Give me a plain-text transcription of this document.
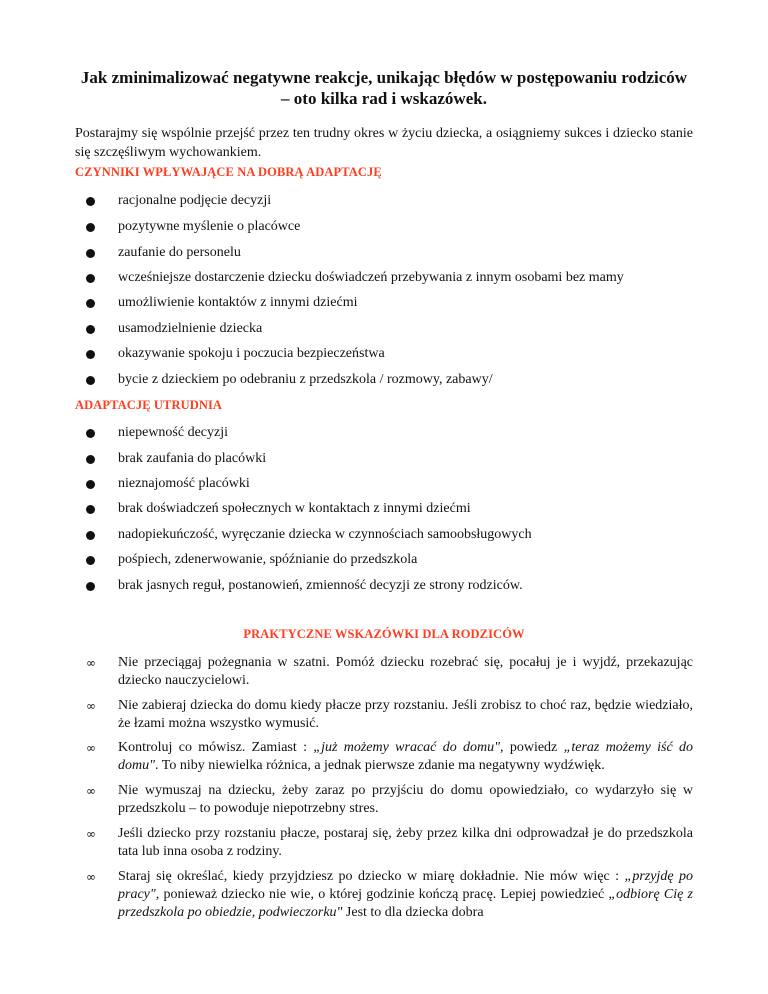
Jak zminimalizować negatywne reakcje, unikając błędów w postępowaniu rodziców – oto kilka rad i wskazówek.
Postarajmy się wspólnie przejść przez ten trudny okres w życiu dziecka, a osiągniemy sukces i dziecko stanie się szczęśliwym wychowankiem.
CZYNNIKI WPŁYWAJĄCE NA DOBRĄ ADAPTACJĘ
racjonalne podjęcie decyzji
pozytywne myślenie o placówce
zaufanie do personelu
wcześniejsze dostarczenie dziecku doświadczeń przebywania z innym osobami bez mamy
umożliwienie kontaktów z innymi dziećmi
usamodzielnienie dziecka
okazywanie spokoju i poczucia bezpieczeństwa
bycie z dzieckiem po odebraniu z przedszkola / rozmowy, zabawy/
ADAPTACJĘ UTRUDNIA
niepewność decyzji
brak zaufania do placówki
nieznajomość placówki
brak doświadczeń społecznych w kontaktach z innymi dziećmi
nadopiekuńczość, wyręczanie dziecka w czynnościach samoobsługowych
pośpiech, zdenerwowanie, spóźnianie do przedszkola
brak jasnych reguł, postanowień, zmienność decyzji ze strony rodziców.
PRAKTYCZNE WSKAZÓWKI DLA RODZICÓW
∞ Nie przeciągaj pożegnania w szatni. Pomóż dziecku rozebrać się, pocałuj je i wyjdź, przekazując dziecko nauczycielowi.
∞ Nie zabieraj dziecka do domu kiedy płacze przy rozstaniu. Jeśli zrobisz to choć raz, będzie wiedziało, że łzami można wszystko wymusić.
∞ Kontroluj co mówisz. Zamiast : „już możemy wracać do domu", powiedz „teraz możemy iść do domu". To niby niewielka różnica, a jednak pierwsze zdanie ma negatywny wydźwięk.
∞ Nie wymuszaj na dziecku, żeby zaraz po przyjściu do domu opowiedziało, co wydarzyło się w przedszkolu – to powoduje niepotrzebny stres.
∞ Jeśli dziecko przy rozstaniu płacze, postaraj się, żeby przez kilka dni odprowadzał je do przedszkola tata lub inna osoba z rodziny.
∞ Staraj się określać, kiedy przyjdziesz po dziecko w miarę dokładnie. Nie mów więc : „przyjdę po pracy", ponieważ dziecko nie wie, o której godzinie kończą pracę. Lepiej powiedzieć „odbiorę Cię z przedszkola po obiedzie, podwieczorku" Jest to dla dziecka dobra
